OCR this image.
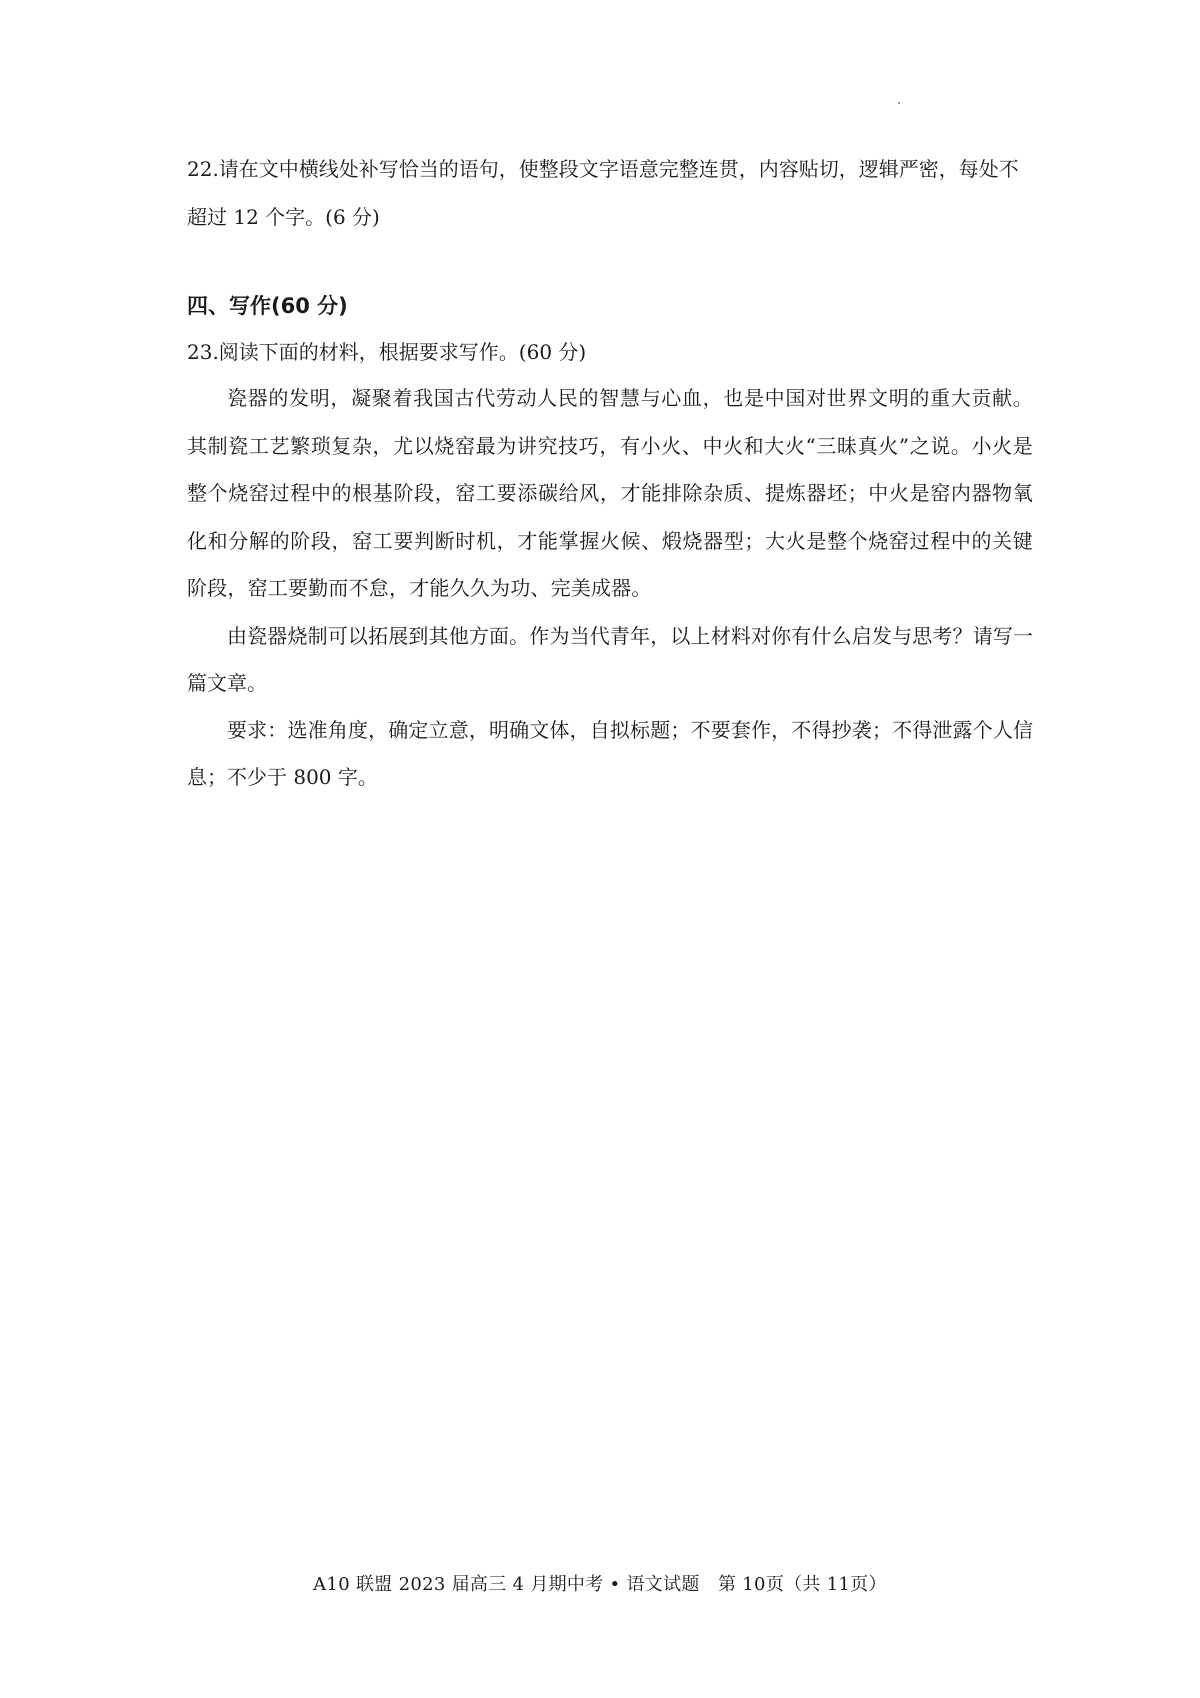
22.请在文中横线处补写恰当的语句，使整段文字语意完整连贯，内容贴切，逻辑严密，每处不超过 12 个字。(6 分)

四、写作(60 分)

23.阅读下面的材料，根据要求写作。(60 分)

瓷器的发明，凝聚着我国古代劳动人民的智慧与心血，也是中国对世界文明的重大贡献。其制瓷工艺繁琐复杂，尤以烧窑最为讲究技巧，有小火、中火和大火“三昧真火”之说。小火是整个烧窑过程中的根基阶段，窑工要添碳给风，才能排除杂质、提炼器坯；中火是窑内器物氧化和分解的阶段，窑工要判断时机，才能掌握火候、煅烧器型；大火是整个烧窑过程中的关键阶段，窑工要勤而不怠，才能久久为功、完美成器。

由瓷器烧制可以拓展到其他方面。作为当代青年，以上材料对你有什么启发与思考？请写一篇文章。

要求：选准角度，确定立意，明确文体，自拟标题；不要套作，不得抄袭；不得泄露个人信息；不少于 800 字。

A10 联盟 2023 届高三 4 月期中考 • 语文试题　第 10页（共 11页）
